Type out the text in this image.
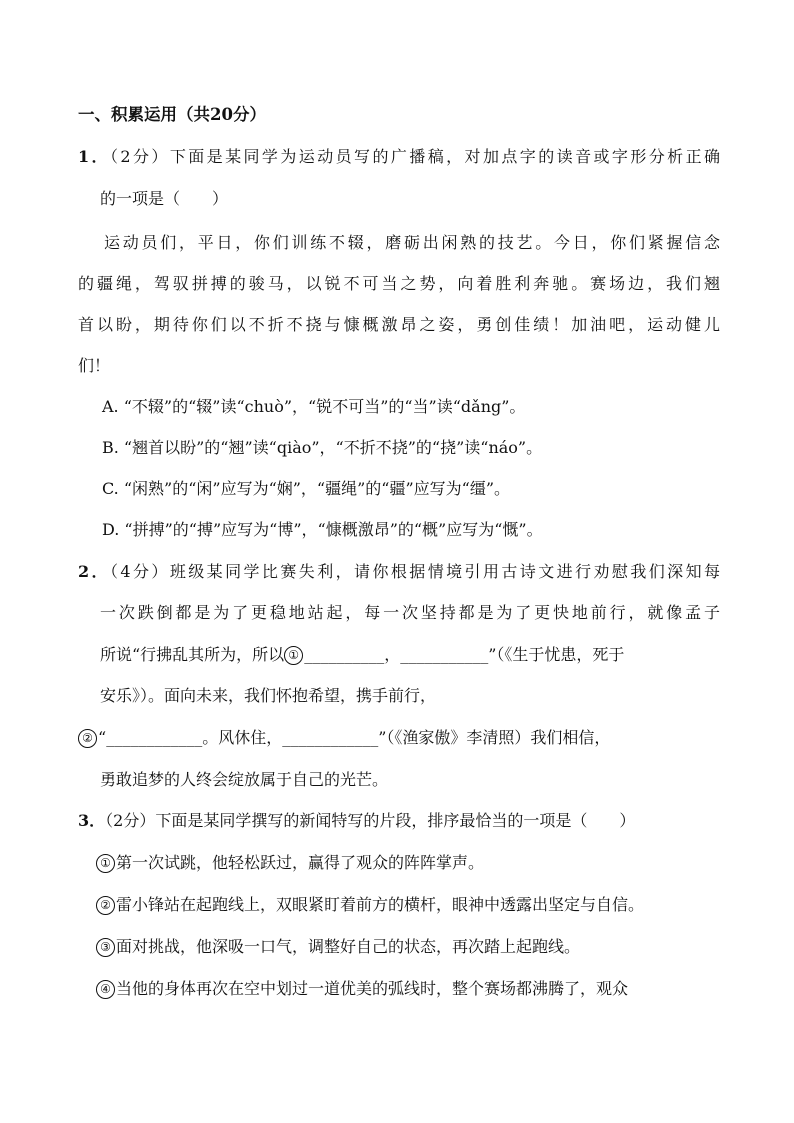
一、积累运用（共20分）
1．（2分）下面是某同学为运动员写的广播稿，对加点字的读音或字形分析正确
的一项是（　　）
运动员们，平日，你们训练不辍，磨砺出闲熟的技艺。今日，你们紧握信念
的疆绳，驾驭拼搏的骏马，以锐不可当之势，向着胜利奔驰。赛场边，我们翘
首以盼，期待你们以不折不挠与慷概激昂之姿，勇创佳绩！加油吧，运动健儿
们！
A. “不辍”的“辍”读“chuò”，“锐不可当”的“当”读“dǎng”。
B. “翘首以盼”的“翘”读“qiào”，“不折不挠”的“挠”读“náo”。
C. “闲熟”的“闲”应写为“娴”，“疆绳”的“疆”应写为“缰”。
D. “拼搏”的“搏”应写为“博”，“慷概激昂”的“概”应写为“慨”。
2．（4分）班级某同学比赛失利，请你根据情境引用古诗文进行劝慰我们深知每
一次跌倒都是为了更稳地站起，每一次坚持都是为了更快地前行，就像孟子
所说“行拂乱其所为，所以 ① __________，___________”（《生于忧患，死于
安乐》）。面向未来，我们怀抱希望，携手前行，
② “____________。风休住，____________”（《渔家傲》李清照）我们相信，
勇敢追梦的人终会绽放属于自己的光芒。
3．（2分）下面是某同学撰写的新闻特写的片段，排序最恰当的一项是（　　）
① 第一次试跳，他轻松跃过，赢得了观众的阵阵掌声。
② 雷小锋站在起跑线上，双眼紧盯着前方的横杆，眼神中透露出坚定与自信。
③ 面对挑战，他深吸一口气，调整好自己的状态，再次踏上起跑线。
④ 当他的身体再次在空中划过一道优美的弧线时，整个赛场都沸腾了，观众
